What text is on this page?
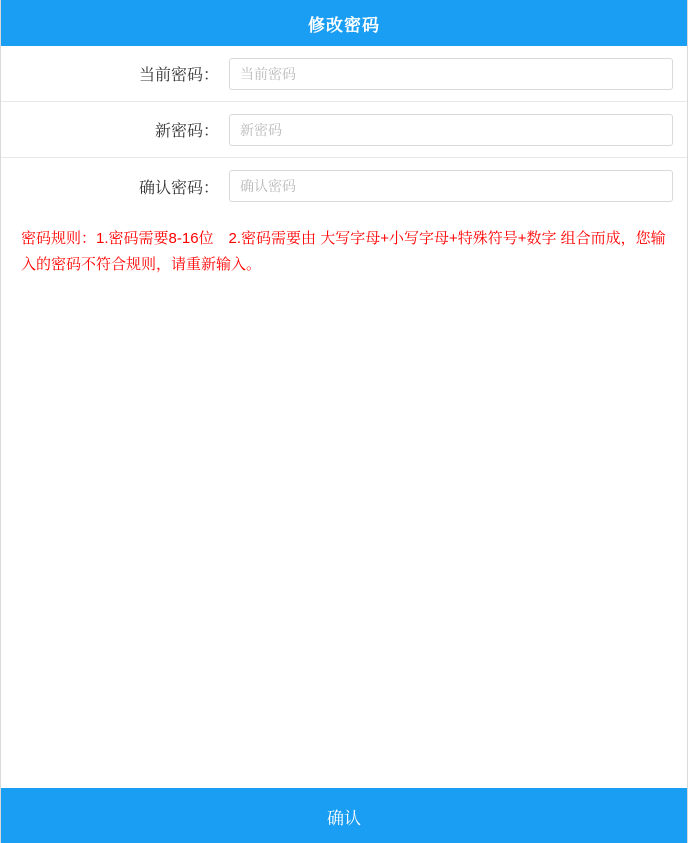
修改密码
当前密码：
新密码：
确认密码：

密码规则：1.密码需要8-16位　2.密码需要由 大写字母+小写字母+特殊符号+数字 组合而成，您输入的密码不符合规则，请重新输入。

确认
